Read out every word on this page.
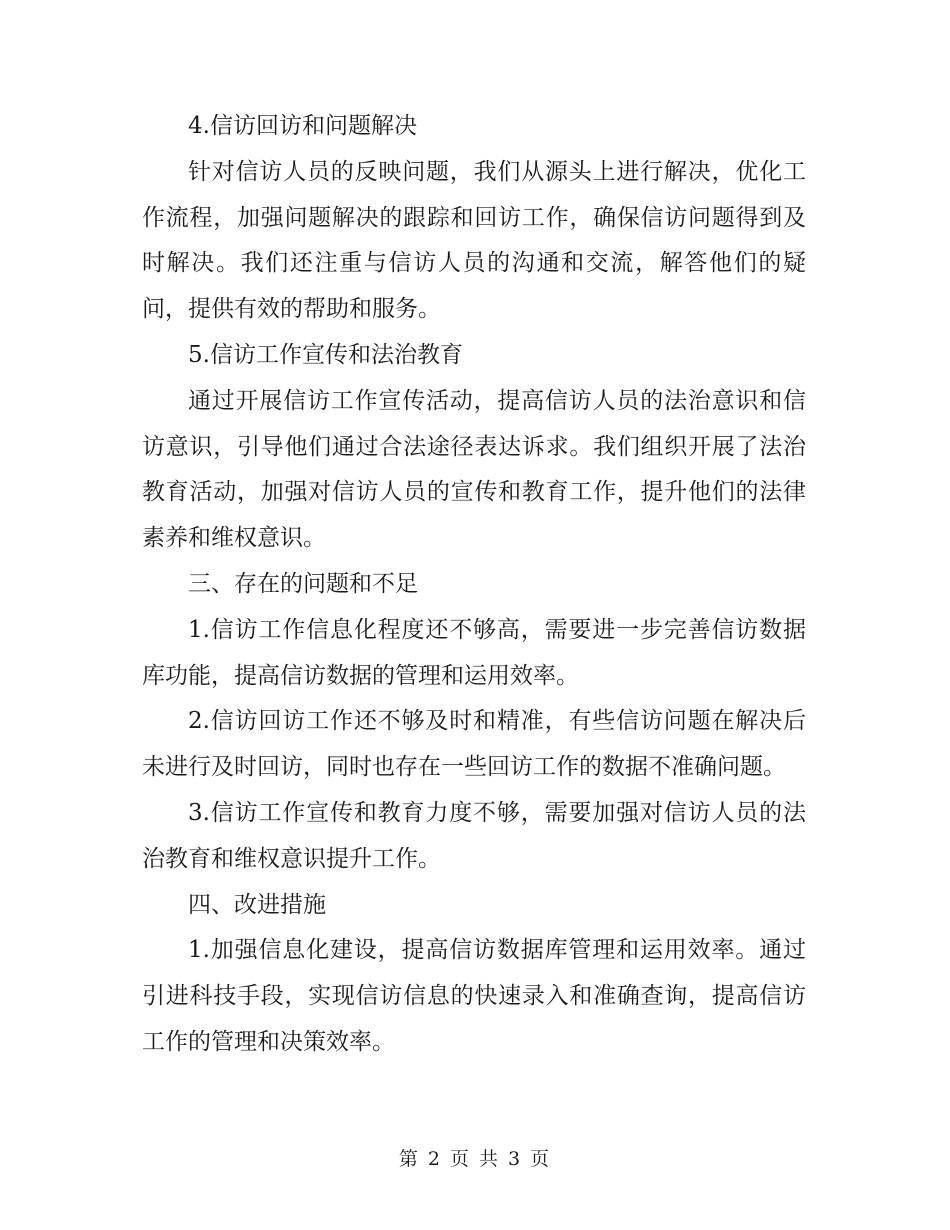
4.信访回访和问题解决

针对信访人员的反映问题，我们从源头上进行解决，优化工作流程，加强问题解决的跟踪和回访工作，确保信访问题得到及时解决。我们还注重与信访人员的沟通和交流，解答他们的疑问，提供有效的帮助和服务。

5.信访工作宣传和法治教育

通过开展信访工作宣传活动，提高信访人员的法治意识和信访意识，引导他们通过合法途径表达诉求。我们组织开展了法治教育活动，加强对信访人员的宣传和教育工作，提升他们的法律素养和维权意识。

三、存在的问题和不足

1.信访工作信息化程度还不够高，需要进一步完善信访数据库功能，提高信访数据的管理和运用效率。

2.信访回访工作还不够及时和精准，有些信访问题在解决后未进行及时回访，同时也存在一些回访工作的数据不准确问题。

3.信访工作宣传和教育力度不够，需要加强对信访人员的法治教育和维权意识提升工作。

四、改进措施

1.加强信息化建设，提高信访数据库管理和运用效率。通过引进科技手段，实现信访信息的快速录入和准确查询，提高信访工作的管理和决策效率。

第 2 页 共 3 页
